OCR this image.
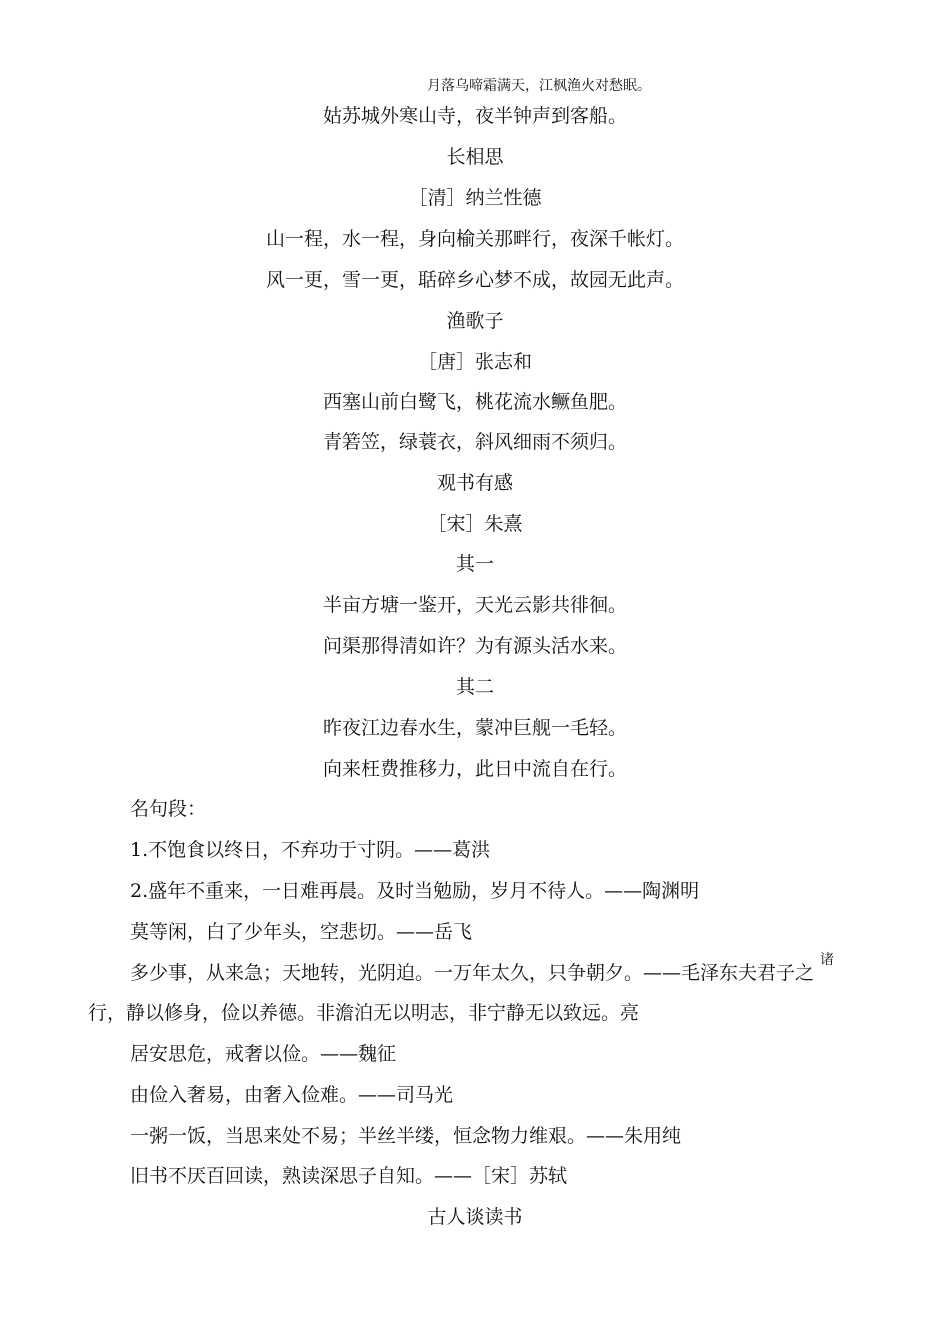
月落乌啼霜满天，江枫渔火对愁眠。
姑苏城外寒山寺，夜半钟声到客船。
长相思
［清］纳兰性德
山一程，水一程，身向榆关那畔行，夜深千帐灯。
风一更，雪一更，聒碎乡心梦不成，故园无此声。
渔歌子
［唐］张志和
西塞山前白鹭飞，桃花流水鳜鱼肥。
青箬笠，绿蓑衣，斜风细雨不须归。
观书有感
［宋］朱熹
其一
半亩方塘一鉴开，天光云影共徘徊。
问渠那得清如许？为有源头活水来。
其二
昨夜江边春水生，蒙冲巨舰一毛轻。
向来枉费推移力，此日中流自在行。
名句段：
1.不饱食以终日，不弃功于寸阴。——葛洪
2.盛年不重来，一日难再晨。及时当勉励，岁月不待人。——陶渊明
莫等闲，白了少年头，空悲切。——岳飞
多少事，从来急；天地转，光阴迫。一万年太久，只争朝夕。——毛泽东夫君子之
诸
行，静以修身，俭以养德。非澹泊无以明志，非宁静无以致远。亮
居安思危，戒奢以俭。——魏征
由俭入奢易，由奢入俭难。——司马光
一粥一饭，当思来处不易；半丝半缕，恒念物力维艰。——朱用纯
旧书不厌百回读，熟读深思子自知。——［宋］苏轼
古人谈读书
